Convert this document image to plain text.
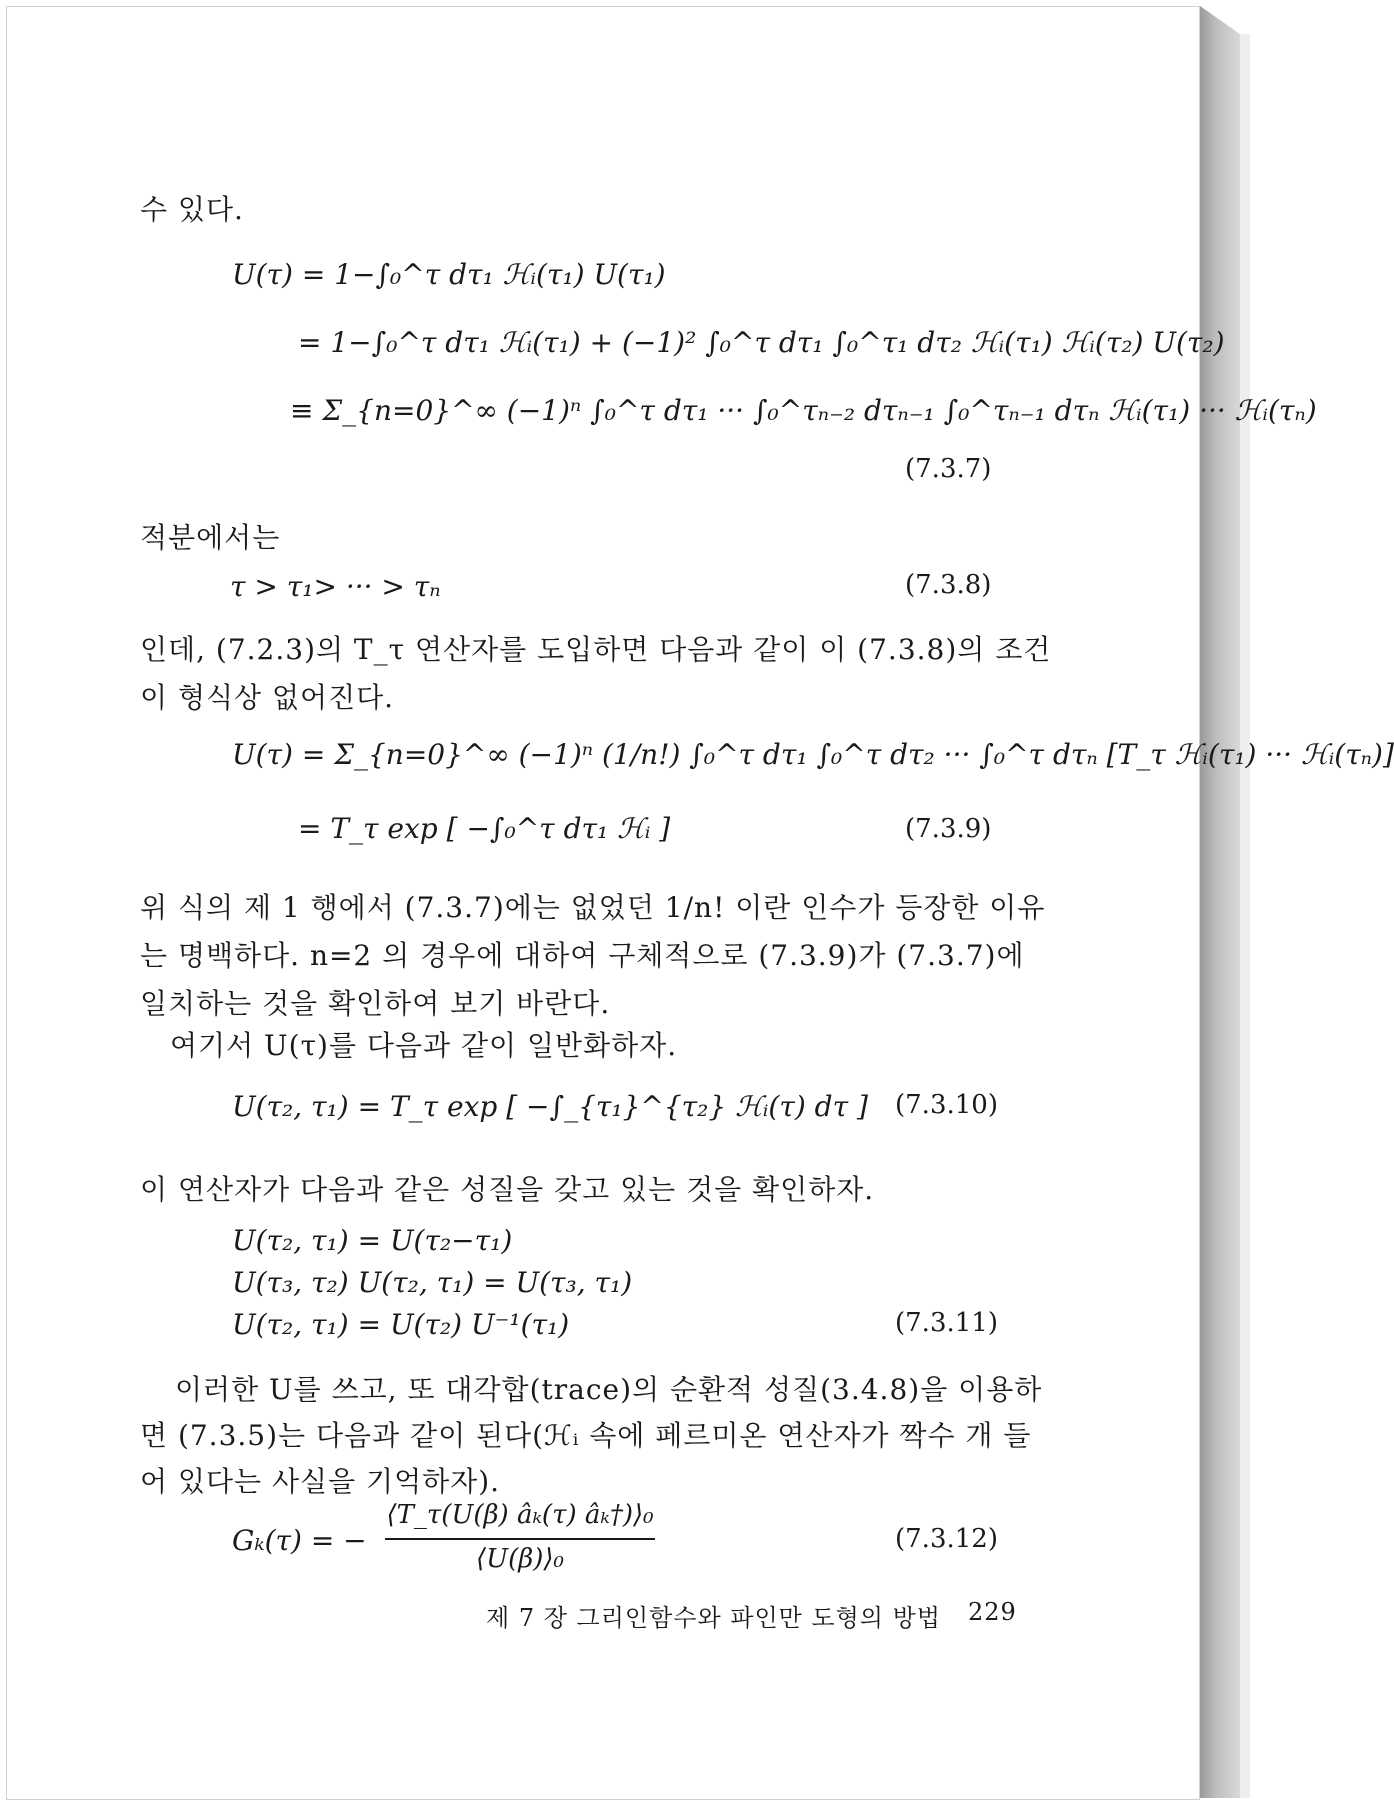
수 있다.
U(τ) = 1−∫₀^τ dτ₁ ℋᵢ(τ₁) U(τ₁)
= 1−∫₀^τ dτ₁ ℋᵢ(τ₁) + (−1)² ∫₀^τ dτ₁ ∫₀^τ₁ dτ₂ ℋᵢ(τ₁) ℋᵢ(τ₂) U(τ₂)
≡ Σ_{n=0}^∞ (−1)ⁿ ∫₀^τ dτ₁ ··· ∫₀^τₙ₋₂ dτₙ₋₁ ∫₀^τₙ₋₁ dτₙ ℋᵢ(τ₁) ··· ℋᵢ(τₙ)
(7.3.7)
적분에서는
τ > τ₁> ··· > τₙ	(7.3.8)
인데, (7.2.3)의 T_τ 연산자를 도입하면 다음과 같이 이 (7.3.8)의 조건
이 형식상 없어진다.
U(τ) = Σ_{n=0}^∞ (−1)ⁿ (1/n!) ∫₀^τ dτ₁ ∫₀^τ dτ₂ ··· ∫₀^τ dτₙ [T_τ ℋᵢ(τ₁) ··· ℋᵢ(τₙ)]
= T_τ exp [ −∫₀^τ dτ₁ ℋᵢ ]	(7.3.9)
위 식의 제 1 행에서 (7.3.7)에는 없었던 1/n! 이란 인수가 등장한 이유
는 명백하다. n=2 의 경우에 대하여 구체적으로 (7.3.9)가 (7.3.7)에
일치하는 것을 확인하여 보기 바란다.
여기서 U(τ)를 다음과 같이 일반화하자.
U(τ₂, τ₁) = T_τ exp [ −∫_{τ₁}^{τ₂} ℋᵢ(τ) dτ ] (7.3.10)
이 연산자가 다음과 같은 성질을 갖고 있는 것을 확인하자.
U(τ₂, τ₁) = U(τ₂−τ₁)
U(τ₃, τ₂) U(τ₂, τ₁) = U(τ₃, τ₁)
U(τ₂, τ₁) = U(τ₂) U⁻¹(τ₁)	(7.3.11)
이러한 U를 쓰고, 또 대각합(trace)의 순환적 성질(3.4.8)을 이용하
면 (7.3.5)는 다음과 같이 된다(ℋᵢ 속에 페르미온 연산자가 짝수 개 들
어 있다는 사실을 기억하자).
Gₖ(τ) = −
⟨T_τ(U(β) âₖ(τ) âₖ†)⟩₀
⟨U(β)⟩₀
(7.3.12)
제 7 장 그리인함수와 파인만 도형의 방법 229
